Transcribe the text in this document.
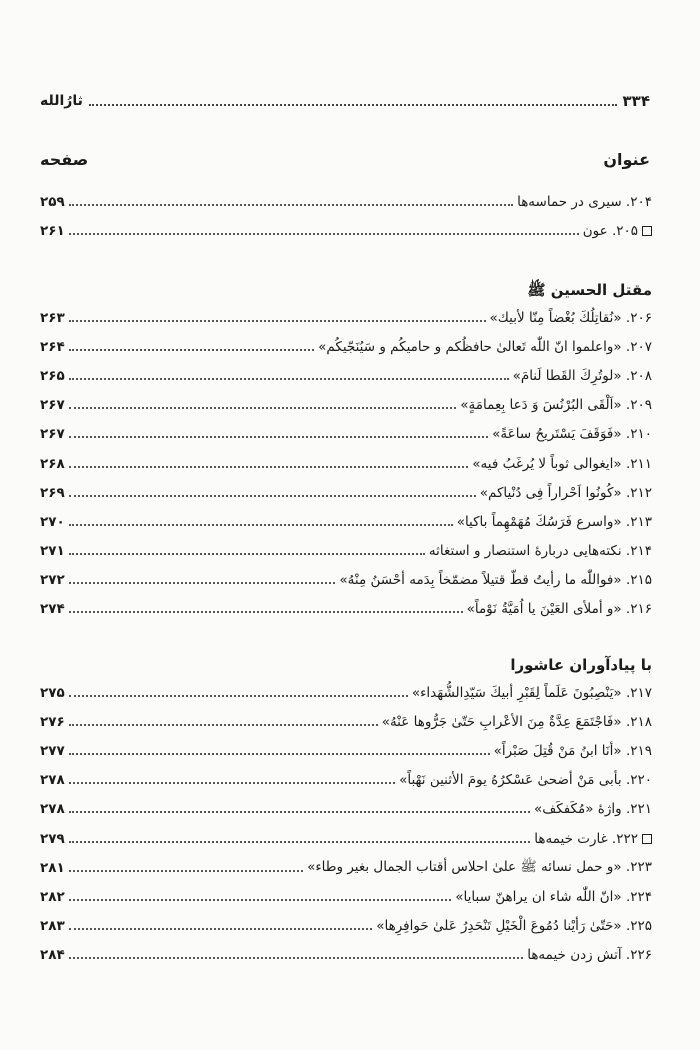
۳۳۴
ثارُالله
عنوان
صفحه
۲۰۴. سیری در حماسه‌ها
۲۵۹
۲۰۵. عون
۲۶۱
مقتل الحسین ﷺ
۲۰۶. «نُقاتِلُكَ بُغْضاً مِنّا لأبيك»
۲۶۳
۲۰۷. «واعلموا انّ اللّٰه تَعالىٰ حافظُكم و حاميكُم و سَيُنَجّيكُم»
۲۶۴
۲۰۸. «لوتُرِكَ القَطا لَنامَ»
۲۶۵
۲۰۹. «اَلْقَى البُرْنُسَ وَ دَعا بِعِمامَةٍ»
۲۶۷
۲۱۰. «فَوَقَفَ يَسْتَريحُ ساعَةً»
۲۶۷
۲۱۱. «ايغوالى ثوباً لا يُرغَبُ فيه»
۲۶۸
۲۱۲. «كُونُوا اَحْراراً فِى دُنْياكم»
۲۶۹
۲۱۳. «واسرع فَرَسُكَ مُهَمْهِماً باكيا»
۲۷۰
۲۱۴. نکته‌هایی دربارهٔ استنصار و استغاثه
۲۷۱
۲۱۵. «فواللّٰه ما رأيتُ قطّ قتيلاً مضمّخاً بِدَمه أحْسَنُ مِنْهُ»
۲۷۲
۲۱۶. «و أملأى العَيْنَ يا اُمَيَّةُ نَوْماً»
۲۷۴
با پیادآوران عاشورا
۲۱۷. «يَنْصِبُونَ عَلَماً لِقَبْرِ أبيكَ سَيّدِالشُّهَداء»
۲۷۵
۲۱۸. «فَاجْتَمَعَ عِدَّةٌ مِنَ الأعْرابِ حَتّىٰ جَرُّوها عَنْهُ»
۲۷۶
۲۱۹. «أنَا ابنُ مَنْ قُتِلَ صَبْراً»
۲۷۷
۲۲۰. بأبى مَنْ أضحىٰ عَسْكرُهُ يومَ الأثنين نَهْباً»
۲۷۸
۲۲۱. واژهٔ «مُكَفكَف»
۲۷۸
۲۲۲. غارت خیمه‌ها
۲۷۹
۲۲۳. «و حمل نسائه ﷺ علىٰ احلاس أقتاب الجمال بغير وطاء»
۲۸۱
۲۲۴. «انّ اللّٰه شاء ان يراهنّ سبايا»
۲۸۲
۲۲۵. «حَتّىٰ رَأيْنا دُمُوعَ الْخَيْلِ تَنْحَدِرُ عَلىٰ حَوافِرِها»
۲۸۳
۲۲۶. آتش زدن خیمه‌ها
۲۸۴
